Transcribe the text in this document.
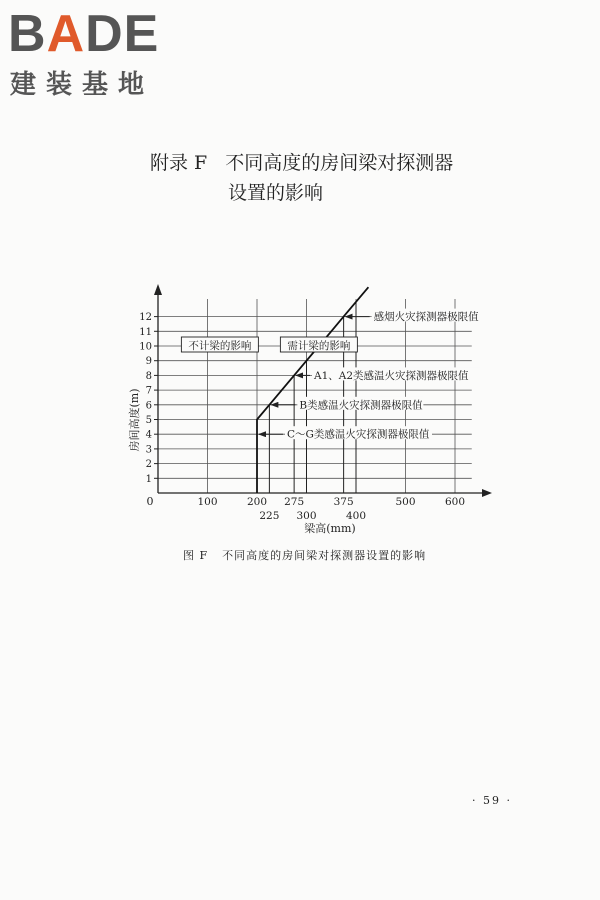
BADE
建装基地
附录 F 不同高度的房间梁对探测器
设置的影响
0
1
2
3
4
5
6
7
8
9
10
11
12
100	200 275	375	500	600
225 300	400
不计梁的影响	需计梁的影响
感烟火灾探测器极限值
A1、A2类感温火灾探测器极限值
B类感温火灾探测器极限值
C～G类感温火灾探测器极限值
房间高度(m)
梁高(mm)
图 F 不同高度的房间梁对探测器设置的影响
· 59 ·
